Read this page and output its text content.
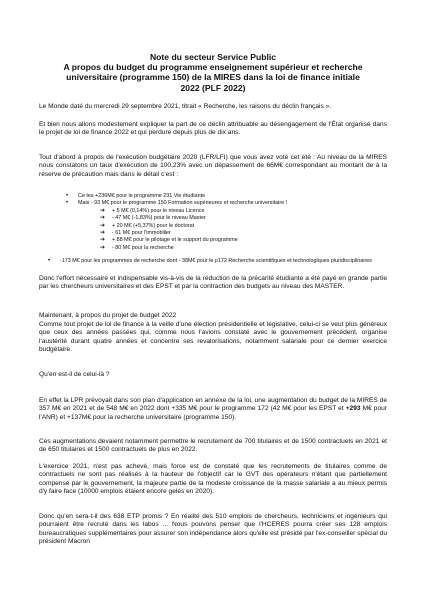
Note du secteur Service Public
A propos du budget du programme enseignement supérieur et recherche
universitaire (programme 150) de la MIRES dans la loi de finance initiale
2022 (PLF 2022)

Le Monde daté du mercredi 29 septembre 2021, titrait « Recherche, les raisons du déclin français ».

Et bien nous allons modestement expliquer la part de ce déclin attribuable au désengagement de l'État organisé dans le projet de loi de finance 2022 et qui perdure depuis plus de dix ans.

Tout d'abord à propos de l'exécution budgétaire 2020 (LFR/LFI) que vous avez voté cet été : Au niveau de la MIRES nous constatons un taux d'exécution de 100,23% avec un dépassement de 66M€ correspondant au montant de à la réserve de précaution mais dans le détail c'est :

• Ce tes +236M€ pour le programme 231 Vie étudiante
• Mais - 93 M€ pour le programme 150 Formation supérieures et recherche universitaire !
➔ + 5 M€ (0,14%) pour le niveau Licence
➔ - 47 M€ (-1,83%) pour le niveau Master
➔ + 20 M€ (+5,37%) pour le doctorat
➔ - 61 M€ pour l'immobilier
➔ + 88 M€ pour le pilotage et le support du programme
➔ - 80 M€ pour la recherche
• -173 M€ pour les programmes de recherche dont - 38M€ pour le p172 Recherche scientifiques et technologiques pluridisciplinaires

Donc l'effort nécessaire et indispensable vis-à-vis de la réduction de la précarité étudiante a été payé en grande partie par les chercheurs universitaires et des EPST et par la contraction des budgets au niveau des MASTER.

Maintenant, à propos du projet de budget 2022

Comme tout projet de loi de finance à la veille d'une élection présidentielle et législative, celui-ci se veut plus généreux que ceux des années passées qui, comme nous l'avions constaté avec le gouvernement précédent, organise l'austérité durant quatre années et concentre ses revalorisations, notamment salariale pour ce dernier exercice budgétaire.

Qu'en est-il de celui-là ?

En effet la LPR prévoyait dans son plan d'application en annexe de la loi, une augmentation du budget de la MIRES de 357 M€ en 2021 et de 548 M€ en 2022 dont +335 M€ pour le programme 172 (42 M€ pour les EPST et +293 M€ pour l'ANR) et +137M€ pour la recherche universitaire (programme 150).

Ces augmentations devaient notamment permettre le recrutement de 700 titulaires et de 1500 contractuels en 2021 et de 650 titulaires et 1500 contractuels de plus en 2022.

L'exercice 2021, n'est pas achevé, mais force est de constaté que les recrutements de titulaires comme de contractuels ne sont pas réalisés à la hauteur de l'objectif car le GVT des opérateurs n'étant que partiellement compensé par le gouvernement, la majeure partie de la modeste croissance de la masse salariale a au mieux permis d'y faire face (10000 emplois étaient encore gelés en 2020).

Donc qu'en sera-t-il des 638 ETP promis ? En réalité des 510 emplois de chercheurs, techniciens et ingénieurs qui pourraient être recruté dans les labos ... Nous pouvons penser que l'HCERES pourra créer ses 128 emplois bureaucratiques supplémentaires pour assurer son indépendance alors qu'elle est présidé par l'ex-conseiller spécial du président Macron
